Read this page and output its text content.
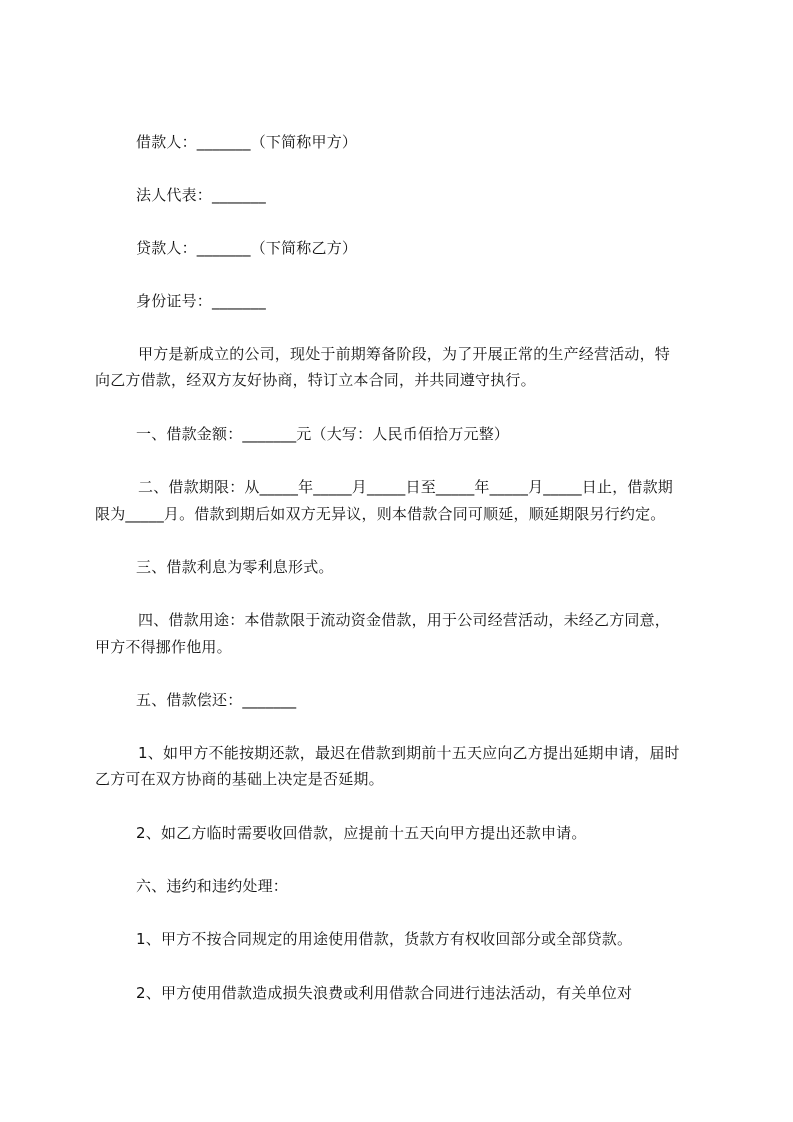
借款人：_______（下简称甲方）
法人代表：_______
贷款人：_______（下简称乙方）
身份证号：_______
甲方是新成立的公司，现处于前期筹备阶段，为了开展正常的生产经营活动，特
向乙方借款，经双方友好协商，特订立本合同，并共同遵守执行。
一、借款金额：_______元（大写：人民币佰拾万元整）
二、借款期限：从_____年_____月_____日至_____年_____月_____日止，借款期
限为_____月。借款到期后如双方无异议，则本借款合同可顺延，顺延期限另行约定。
三、借款利息为零利息形式。
四、借款用途：本借款限于流动资金借款，用于公司经营活动，未经乙方同意，
甲方不得挪作他用。
五、借款偿还：_______
1、如甲方不能按期还款，最迟在借款到期前十五天应向乙方提出延期申请，届时
乙方可在双方协商的基础上决定是否延期。
2、如乙方临时需要收回借款，应提前十五天向甲方提出还款申请。
六、违约和违约处理：
1、甲方不按合同规定的用途使用借款，货款方有权收回部分或全部贷款。
2、甲方使用借款造成损失浪费或利用借款合同进行违法活动，有关单位对
